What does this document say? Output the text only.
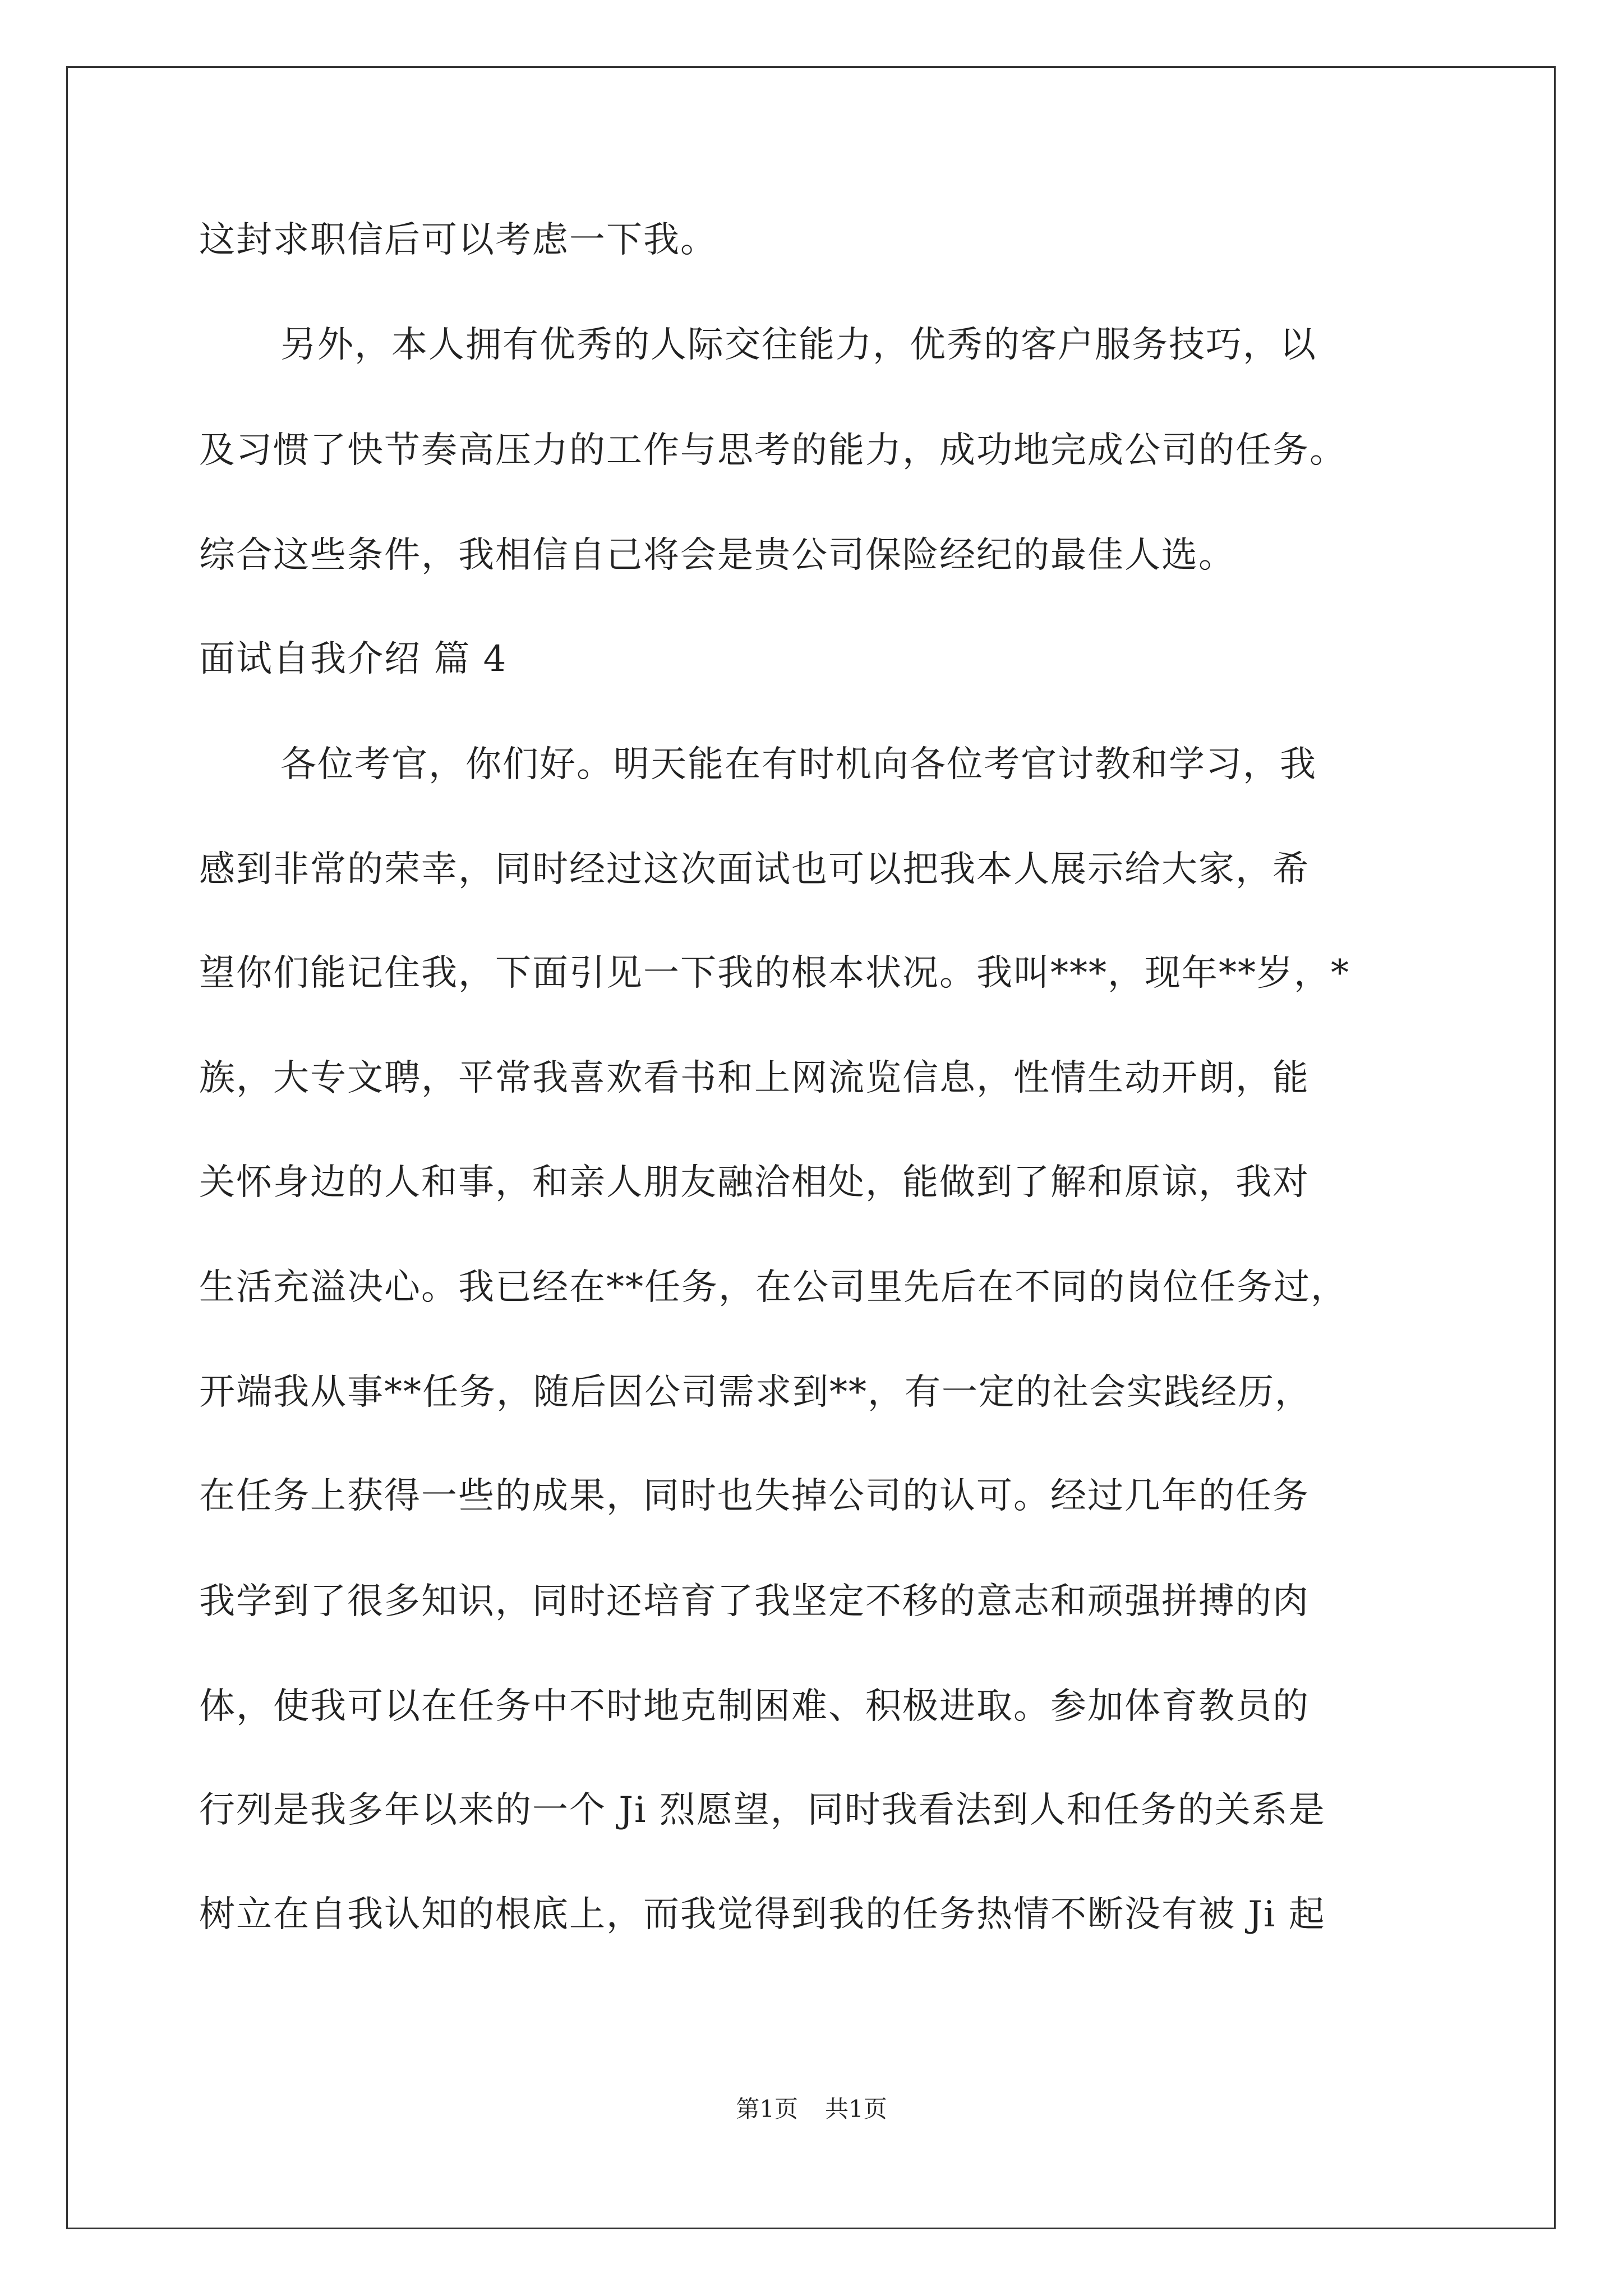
这封求职信后可以考虑一下我。
另外，本人拥有优秀的人际交往能力，优秀的客户服务技巧，以
及习惯了快节奏高压力的工作与思考的能力，成功地完成公司的任务。
综合这些条件，我相信自己将会是贵公司保险经纪的最佳人选。
面试自我介绍 篇 4
各位考官，你们好。明天能在有时机向各位考官讨教和学习，我
感到非常的荣幸，同时经过这次面试也可以把我本人展示给大家，希
望你们能记住我，下面引见一下我的根本状况。我叫***，现年**岁，*
族，大专文聘，平常我喜欢看书和上网流览信息，性情生动开朗，能
关怀身边的人和事，和亲人朋友融洽相处，能做到了解和原谅，我对
生活充溢决心。我已经在**任务，在公司里先后在不同的岗位任务过，
开端我从事**任务，随后因公司需求到**，有一定的社会实践经历，
在任务上获得一些的成果，同时也失掉公司的认可。经过几年的任务
我学到了很多知识，同时还培育了我坚定不移的意志和顽强拼搏的肉
体，使我可以在任务中不时地克制困难、积极进取。参加体育教员的
行列是我多年以来的一个 Ji 烈愿望，同时我看法到人和任务的关系是
树立在自我认知的根底上，而我觉得到我的任务热情不断没有被 Ji 起
第1页 共1页
